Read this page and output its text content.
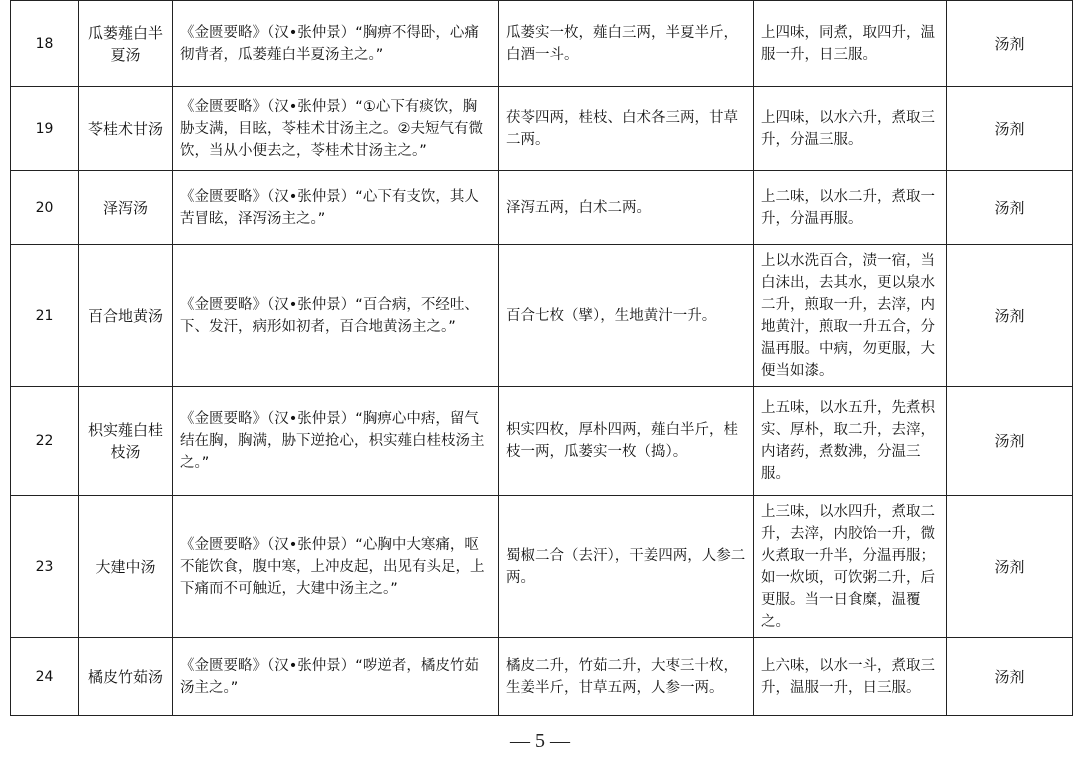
18	瓜蒌薤白半夏汤	《金匮要略》（汉•张仲景）“胸痹不得卧，心痛彻背者，瓜蒌薤白半夏汤主之。”	瓜蒌实一枚，薤白三两，半夏半斤，白酒一斗。	上四味，同煮，取四升，温服一升，日三服。	汤剂
19	苓桂术甘汤	《金匮要略》（汉•张仲景）“①心下有痰饮，胸胁支满，目眩，苓桂术甘汤主之。②夫短气有微饮，当从小便去之，苓桂术甘汤主之。”	茯苓四两，桂枝、白术各三两，甘草二两。	上四味，以水六升，煮取三升，分温三服。	汤剂
20	泽泻汤	《金匮要略》（汉•张仲景）“心下有支饮，其人苦冒眩，泽泻汤主之。”	泽泻五两，白术二两。	上二味，以水二升，煮取一升，分温再服。	汤剂
21	百合地黄汤	《金匮要略》（汉•张仲景）“百合病，不经吐、下、发汗，病形如初者，百合地黄汤主之。”	百合七枚（擘），生地黄汁一升。	上以水洗百合，渍一宿，当白沫出，去其水，更以泉水二升，煎取一升，去滓，内地黄汁，煎取一升五合，分温再服。中病，勿更服，大便当如漆。	汤剂
22	枳实薤白桂枝汤	《金匮要略》（汉•张仲景）“胸痹心中痞，留气结在胸，胸满，胁下逆抢心，枳实薤白桂枝汤主之。”	枳实四枚，厚朴四两，薤白半斤，桂枝一两，瓜蒌实一枚（捣）。	上五味，以水五升，先煮枳实、厚朴，取二升，去滓，内诸药，煮数沸，分温三服。	汤剂
23	大建中汤	《金匮要略》（汉•张仲景）“心胸中大寒痛，呕不能饮食，腹中寒，上冲皮起，出见有头足，上下痛而不可触近，大建中汤主之。”	蜀椒二合（去汗），干姜四两，人参二两。	上三味，以水四升，煮取二升，去滓，内胶饴一升，微火煮取一升半，分温再服；如一炊顷，可饮粥二升，后更服。当一日食糜，温覆之。	汤剂
24	橘皮竹茹汤	《金匮要略》（汉•张仲景）“哕逆者，橘皮竹茹汤主之。”	橘皮二升，竹茹二升，大枣三十枚，生姜半斤，甘草五两，人参一两。	上六味，以水一斗，煮取三升，温服一升，日三服。	汤剂
— 5 —
